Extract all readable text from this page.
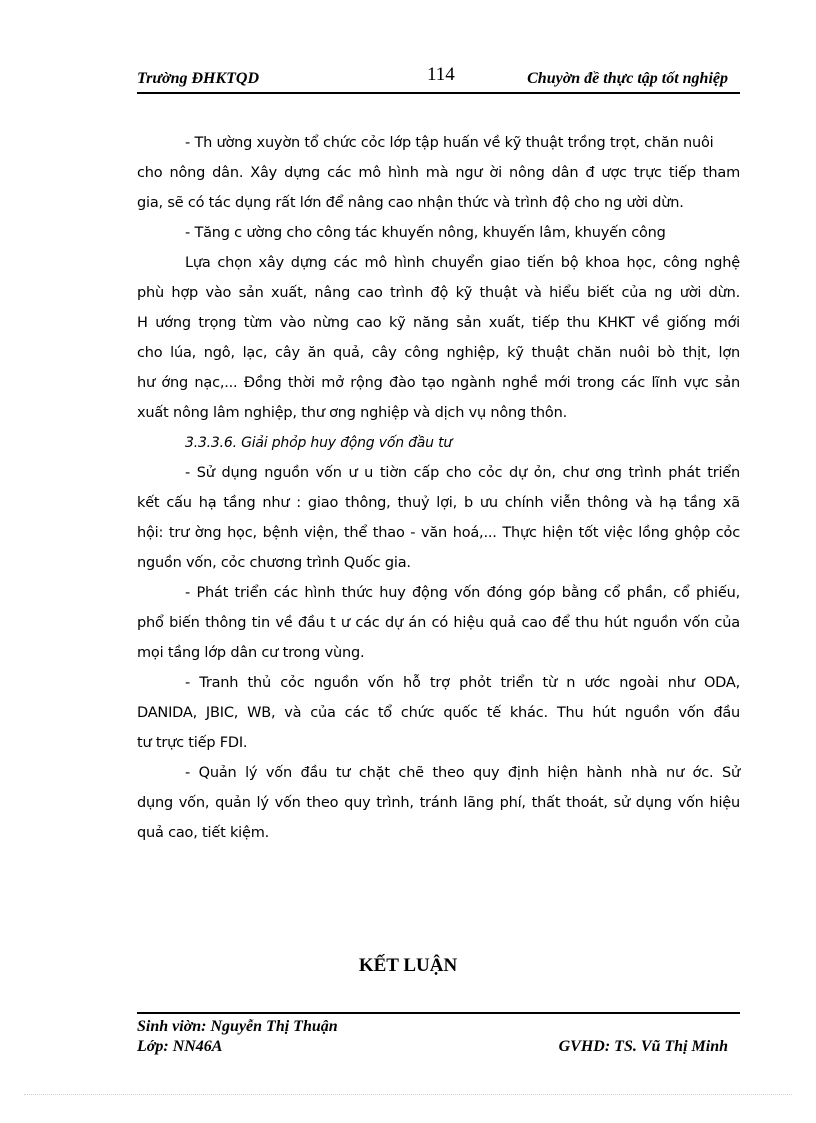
Trường ĐHKTQD	114	Chuyờn đề thực tập tốt nghiệp
- Th ường xuyờn tổ chức cỏc lớp tập huấn về kỹ thuật trồng trọt, chăn nuôi
cho nông dân. Xây dựng các mô hình mà ngư ời nông dân đ ược trực tiếp tham
gia, sẽ có tác dụng rất lớn để nâng cao nhận thức và trình độ cho ng ười dừn.
- Tăng c ường cho công tác khuyến nông, khuyến lâm, khuyến công
Lựa chọn xây dựng các mô hình chuyển giao tiến bộ khoa học, công nghệ
phù hợp vào sản xuất, nâng cao trình độ kỹ thuật và hiểu biết của ng ười dừn.
H ướng trọng từm vào nừng cao kỹ năng sản xuất, tiếp thu KHKT về giống mới
cho lúa, ngô, lạc, cây ăn quả, cây công nghiệp, kỹ thuật chăn nuôi bò thịt, lợn
hư ớng nạc,... Đồng thời mở rộng đào tạo ngành nghề mới trong các lĩnh vực sản
xuất nông lâm nghiệp, thư ơng nghiệp và dịch vụ nông thôn.
3.3.3.6. Giải phỏp huy động vốn đầu tư
- Sử dụng nguồn vốn ư u tiờn cấp cho cỏc dự ỏn, chư ơng trình phát triển
kết cấu hạ tầng như : giao thông, thuỷ lợi, b ưu chính viễn thông và hạ tầng xã
hội: trư ờng học, bệnh viện, thể thao - văn hoá,... Thực hiện tốt việc lồng ghộp cỏc
nguồn vốn, cỏc chương trình Quốc gia.
- Phát triển các hình thức huy động vốn đóng góp bằng cổ phần, cổ phiếu,
phổ biến thông tin về đầu t ư các dự án có hiệu quả cao để thu hút nguồn vốn của
mọi tầng lớp dân cư trong vùng.
- Tranh thủ cỏc nguồn vốn hỗ trợ phỏt triển từ n ước ngoài như ODA,
DANIDA, JBIC, WB, và của các tổ chức quốc tế khác. Thu hút nguồn vốn đầu
tư trực tiếp FDI.
- Quản lý vốn đầu tư chặt chẽ theo quy định hiện hành nhà nư ớc. Sử
dụng vốn, quản lý vốn theo quy trình, tránh lãng phí, thất thoát, sử dụng vốn hiệu
quả cao, tiết kiệm.
KẾT LUẬN
Sinh viờn: Nguyễn Thị Thuận
Lớp: NN46A	GVHD: TS. Vũ Thị Minh
